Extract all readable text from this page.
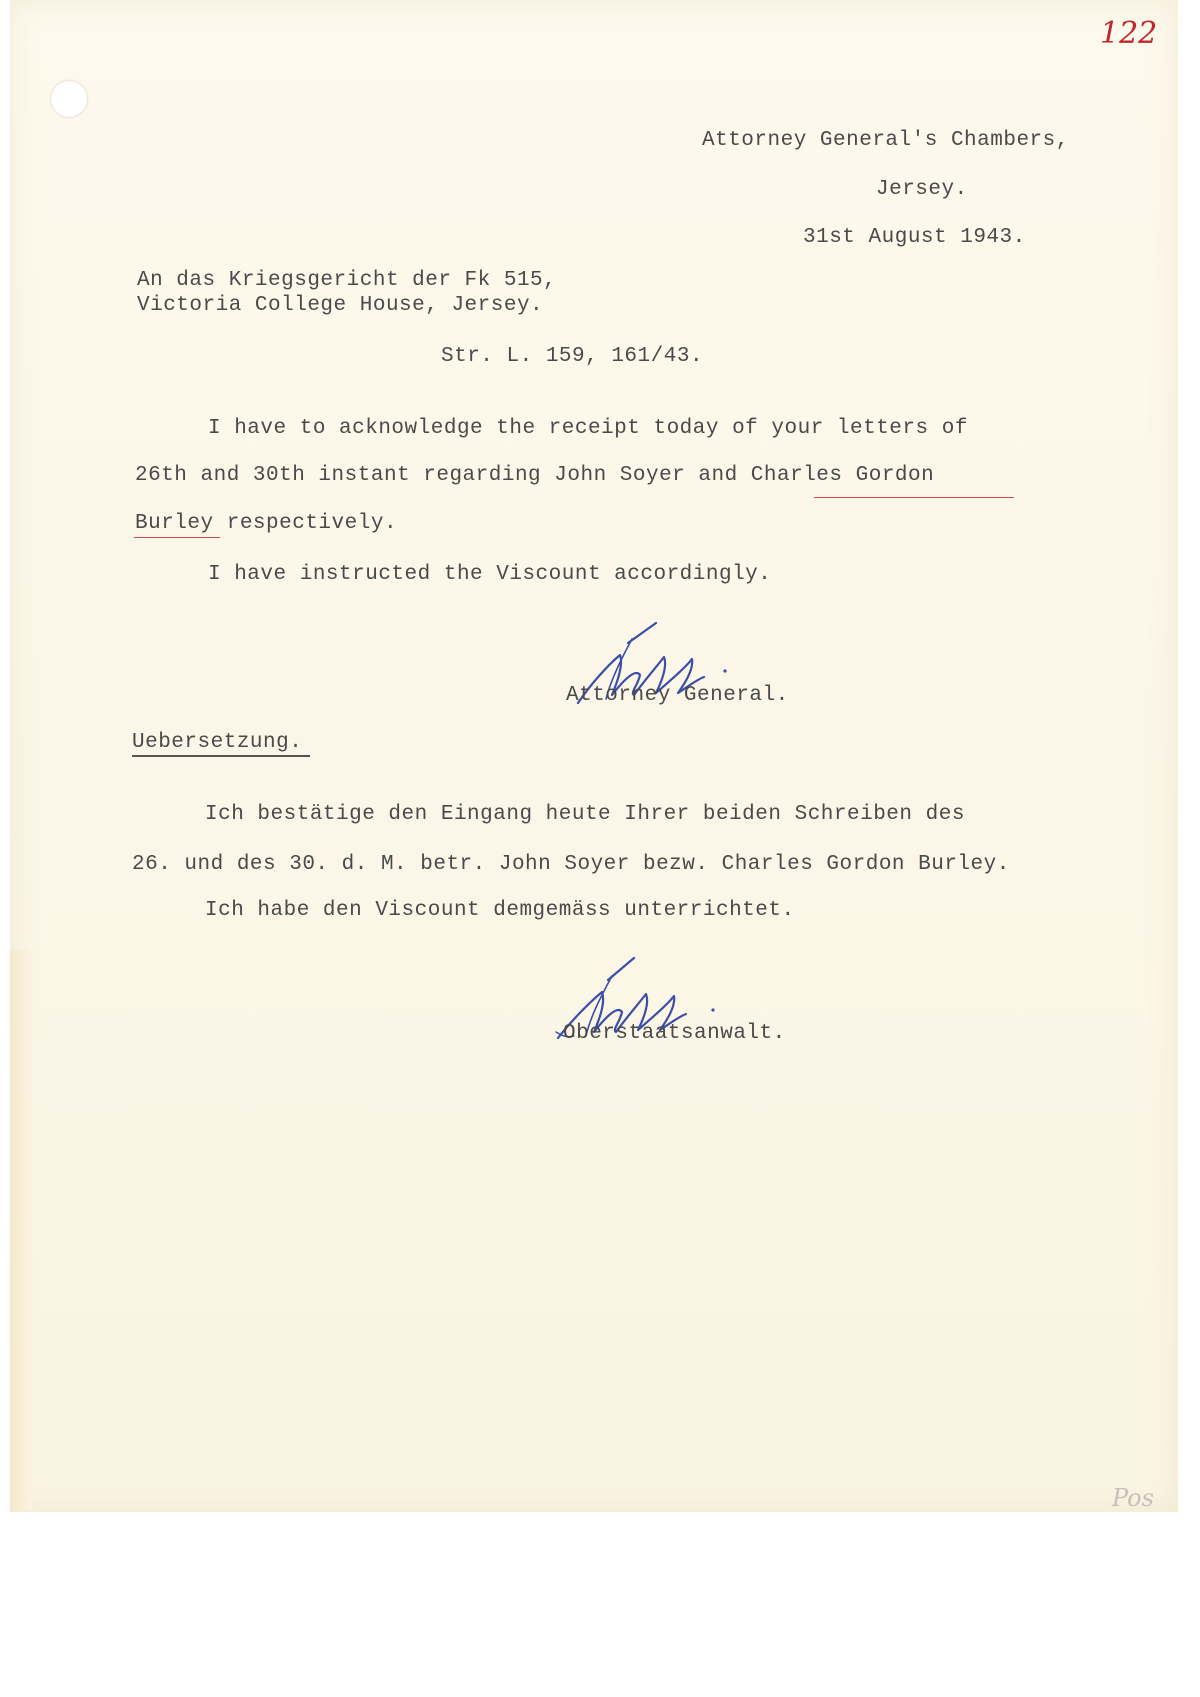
122
Attorney General's Chambers,
Jersey.
31st August 1943.
An das Kriegsgericht der Fk 515,
Victoria College House, Jersey.
Str. L. 159, 161/43.
I have to acknowledge the receipt today of your letters of
26th and 30th instant regarding John Soyer and Charles Gordon
Burley respectively.
I have instructed the Viscount accordingly.
Attorney General.
Uebersetzung.
Ich bestätige den Eingang heute Ihrer beiden Schreiben des
26. und des 30. d. M. betr. John Soyer bezw. Charles Gordon Burley.
Ich habe den Viscount demgemäss unterrichtet.
Oberstaatsanwalt.
Pos
